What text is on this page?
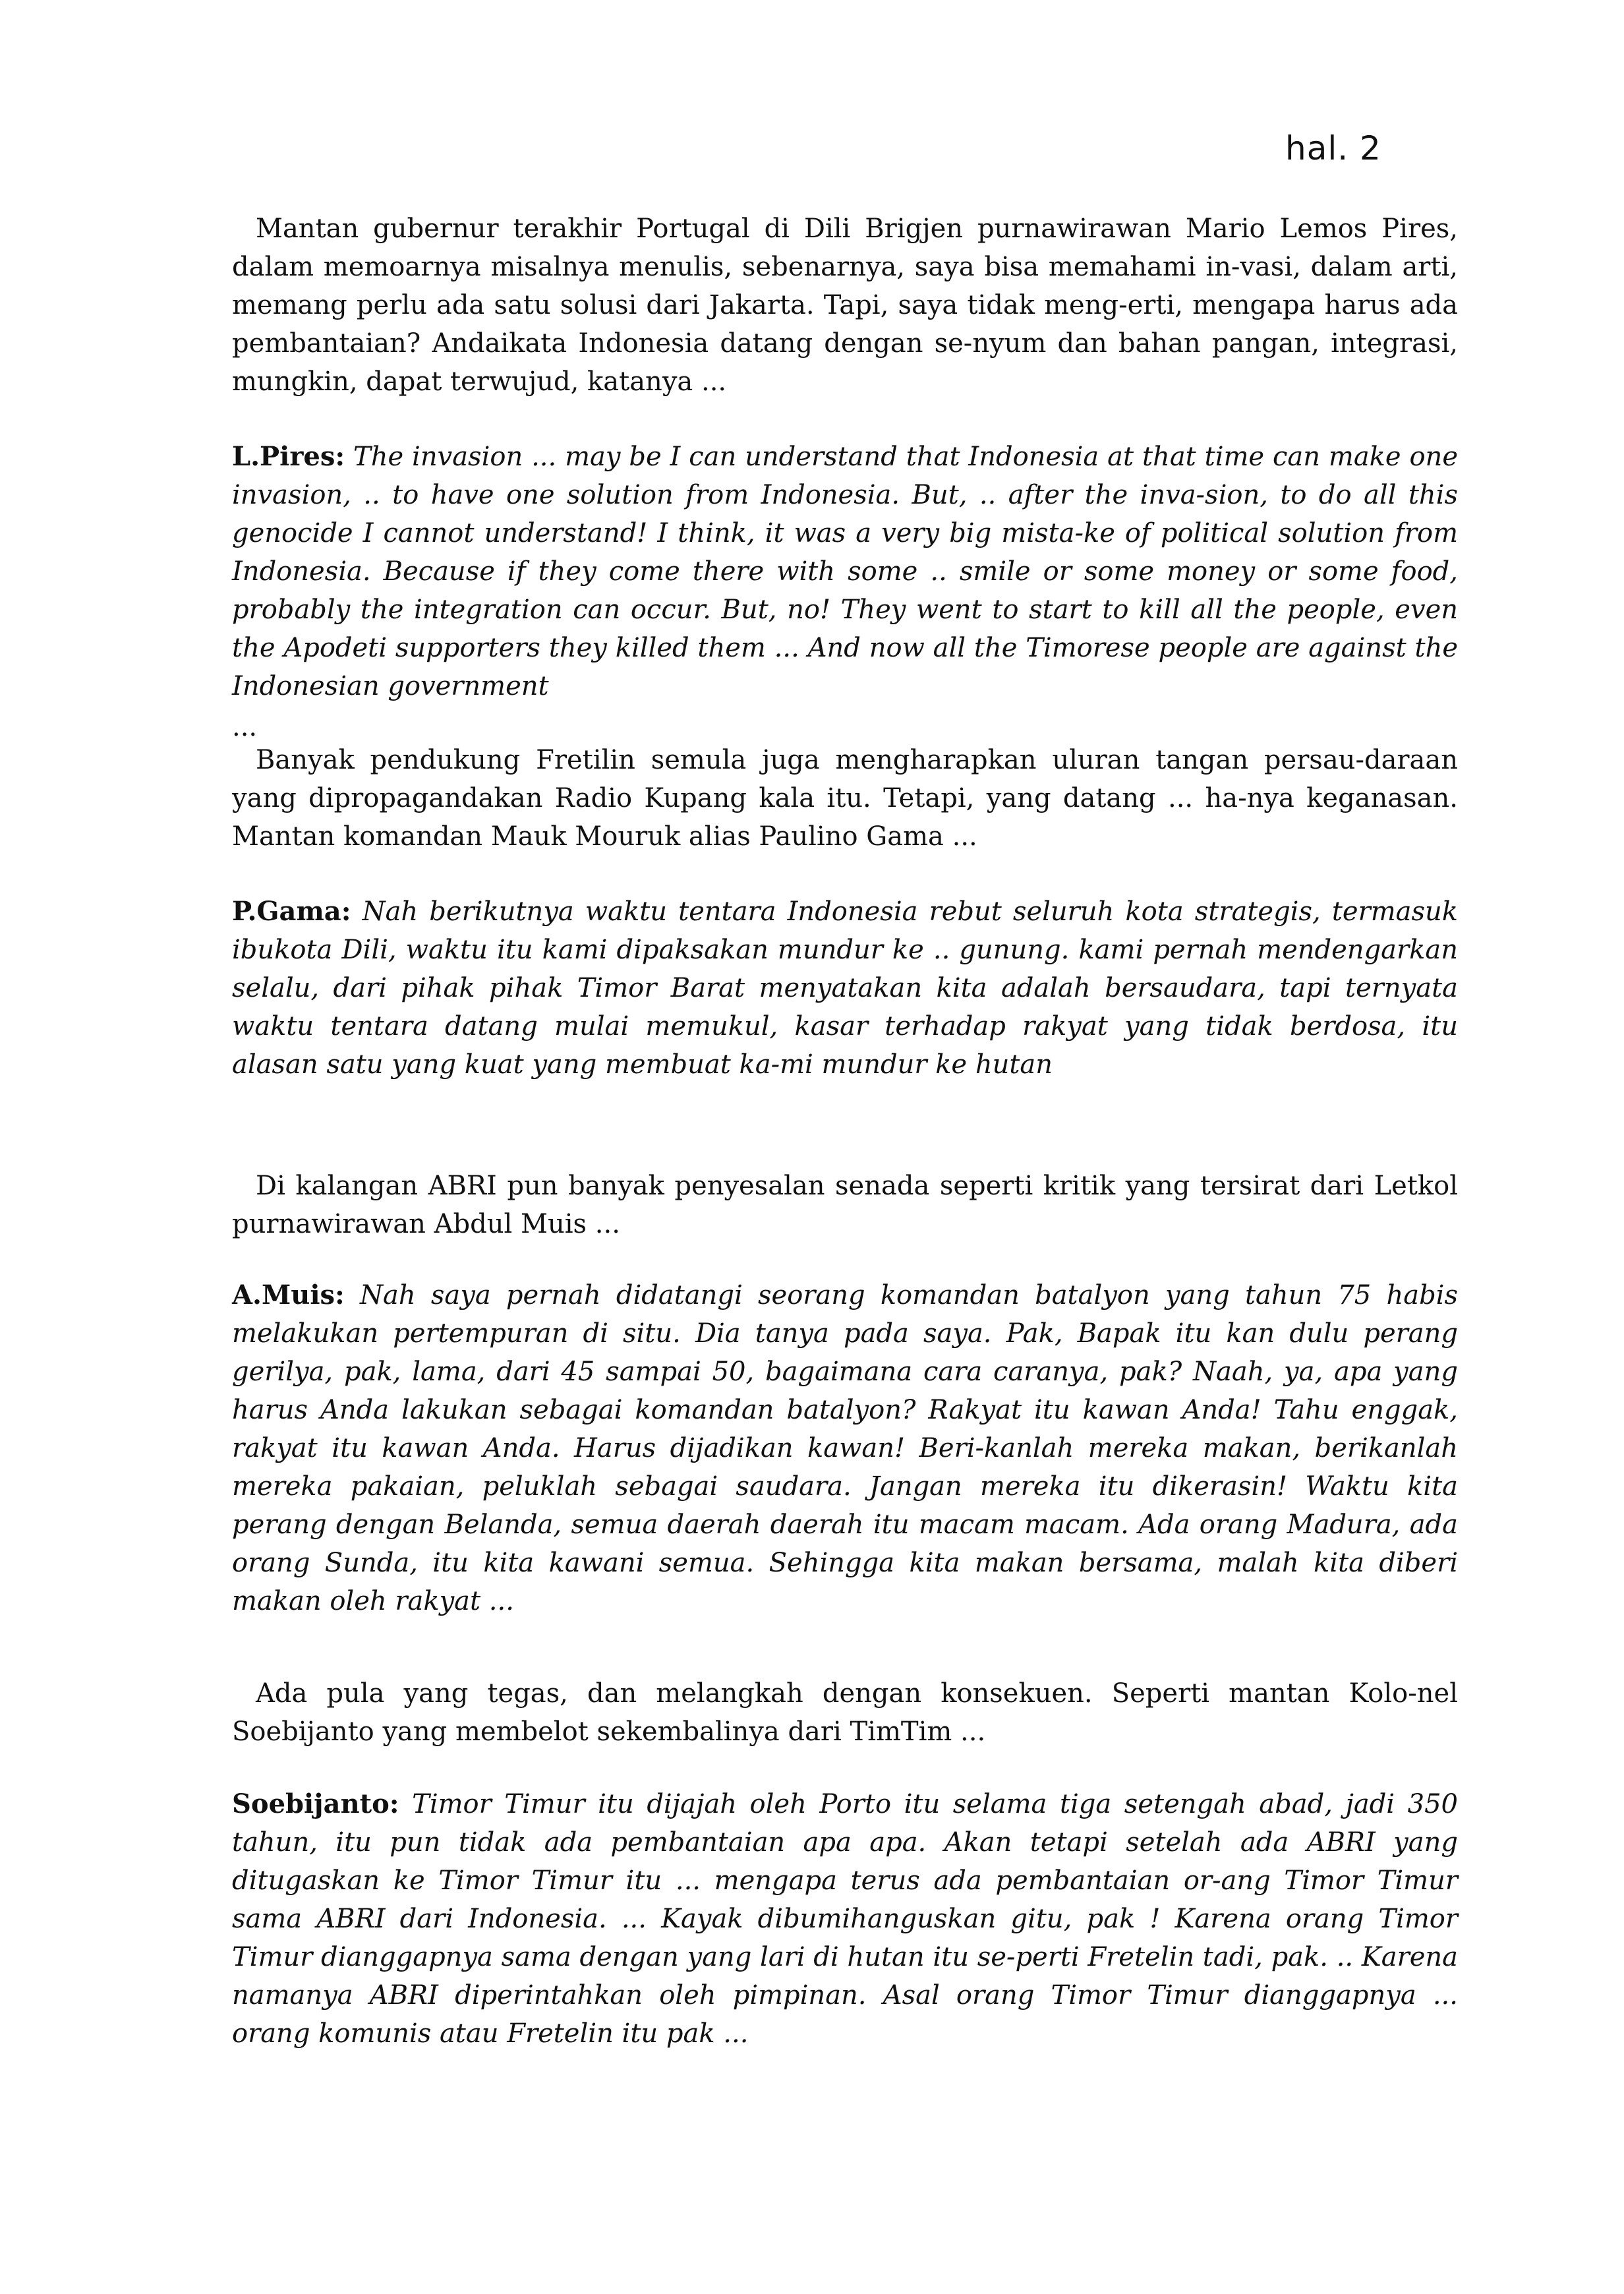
hal. 2

Mantan gubernur terakhir Portugal di Dili Brigjen purnawirawan Mario Lemos Pires, dalam memoarnya misalnya menulis, sebenarnya, saya bisa memahami in-vasi, dalam arti, memang perlu ada satu solusi dari Jakarta. Tapi, saya tidak meng-erti, mengapa harus ada pembantaian? Andaikata Indonesia datang dengan se-nyum dan bahan pangan, integrasi, mungkin, dapat terwujud, katanya ...

L.Pires: The invasion ... may be I can understand that Indonesia at that time can make one invasion, .. to have one solution from Indonesia. But, .. after the inva-sion, to do all this genocide I cannot understand! I think, it was a very big mista-ke of political solution from Indonesia. Because if they come there with some .. smile or some money or some food, probably the integration can occur. But, no! They went to start to kill all the people, even the Apodeti supporters they killed them ... And now all the Timorese people are against the Indonesian government

...

Banyak pendukung Fretilin semula juga mengharapkan uluran tangan persau-daraan yang dipropagandakan Radio Kupang kala itu. Tetapi, yang datang ... ha-nya keganasan. Mantan komandan Mauk Mouruk alias Paulino Gama ...

P.Gama: Nah berikutnya waktu tentara Indonesia rebut seluruh kota strategis, termasuk ibukota Dili, waktu itu kami dipaksakan mundur ke .. gunung. kami pernah mendengarkan selalu, dari pihak pihak Timor Barat menyatakan kita adalah bersaudara, tapi ternyata waktu tentara datang mulai memukul, kasar terhadap rakyat yang tidak berdosa, itu alasan satu yang kuat yang membuat ka-mi mundur ke hutan

Di kalangan ABRI pun banyak penyesalan senada seperti kritik yang tersirat dari Letkol purnawirawan Abdul Muis ...

A.Muis: Nah saya pernah didatangi seorang komandan batalyon yang tahun 75 habis melakukan pertempuran di situ. Dia tanya pada saya. Pak, Bapak itu kan dulu perang gerilya, pak, lama, dari 45 sampai 50, bagaimana cara caranya, pak? Naah, ya, apa yang harus Anda lakukan sebagai komandan batalyon? Rakyat itu kawan Anda! Tahu enggak, rakyat itu kawan Anda. Harus dijadikan kawan! Beri-kanlah mereka makan, berikanlah mereka pakaian, peluklah sebagai saudara. Jangan mereka itu dikerasin! Waktu kita perang dengan Belanda, semua daerah daerah itu macam macam. Ada orang Madura, ada orang Sunda, itu kita kawani semua. Sehingga kita makan bersama, malah kita diberi makan oleh rakyat ...

Ada pula yang tegas, dan melangkah dengan konsekuen. Seperti mantan Kolo-nel Soebijanto yang membelot sekembalinya dari TimTim ...

Soebijanto: Timor Timur itu dijajah oleh Porto itu selama tiga setengah abad, jadi 350 tahun, itu pun tidak ada pembantaian apa apa. Akan tetapi setelah ada ABRI yang ditugaskan ke Timor Timur itu ... mengapa terus ada pembantaian or-ang Timor Timur sama ABRI dari Indonesia. ... Kayak dibumihanguskan gitu, pak ! Karena orang Timor Timur dianggapnya sama dengan yang lari di hutan itu se-perti Fretelin tadi, pak. .. Karena namanya ABRI diperintahkan oleh pimpinan. Asal orang Timor Timur dianggapnya ... orang komunis atau Fretelin itu pak ...
